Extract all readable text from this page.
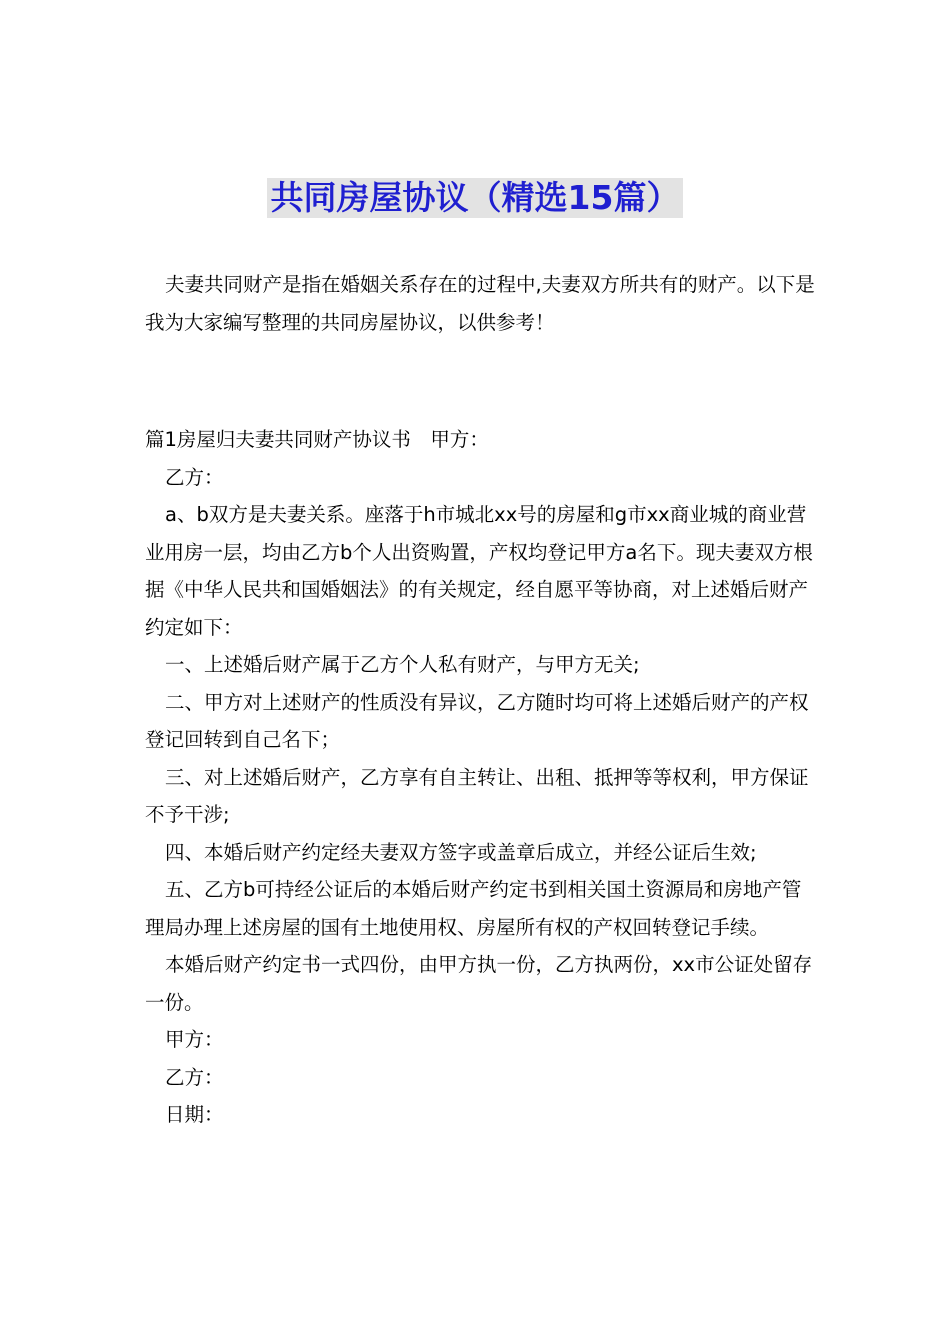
共同房屋协议（精选15篇）

夫妻共同财产是指在婚姻关系存在的过程中,夫妻双方所共有的财产。以下是我为大家编写整理的共同房屋协议，以供参考！

篇1房屋归夫妻共同财产协议书　甲方：

乙方：

a、b双方是夫妻关系。座落于h市城北xx号的房屋和g市xx商业城的商业营业用房一层，均由乙方b个人出资购置，产权均登记甲方a名下。现夫妻双方根据《中华人民共和国婚姻法》的有关规定，经自愿平等协商，对上述婚后财产约定如下：

一、上述婚后财产属于乙方个人私有财产，与甲方无关;

二、甲方对上述财产的性质没有异议，乙方随时均可将上述婚后财产的产权登记回转到自己名下；

三、对上述婚后财产，乙方享有自主转让、出租、抵押等等权利，甲方保证不予干涉;

四、本婚后财产约定经夫妻双方签字或盖章后成立，并经公证后生效;

五、乙方b可持经公证后的本婚后财产约定书到相关国土资源局和房地产管理局办理上述房屋的国有土地使用权、房屋所有权的产权回转登记手续。

本婚后财产约定书一式四份，由甲方执一份，乙方执两份，xx市公证处留存一份。

甲方：

乙方：

日期：
